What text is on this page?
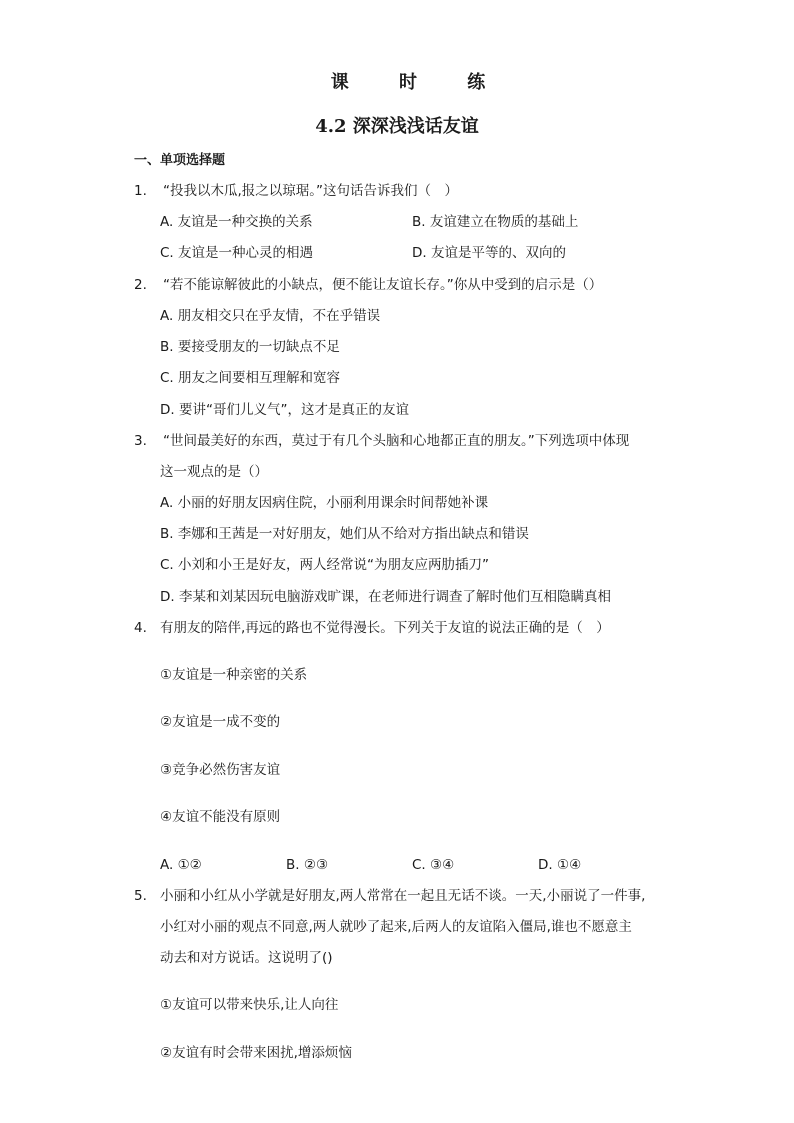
课 时 练
4.2 深深浅浅话友谊
一、单项选择题
1. “投我以木瓜,报之以琼琚。”这句话告诉我们（　）
A. 友谊是一种交换的关系	B. 友谊建立在物质的基础上
C. 友谊是一种心灵的相遇	D. 友谊是平等的、双向的
2. “若不能谅解彼此的小缺点，便不能让友谊长存。”你从中受到的启示是（）
A. 朋友相交只在乎友情，不在乎错误
B. 要接受朋友的一切缺点不足
C. 朋友之间要相互理解和宽容
D. 要讲“哥们儿义气”，这才是真正的友谊
3. “世间最美好的东西，莫过于有几个头脑和心地都正直的朋友。”下列选项中体现
这一观点的是（）
A. 小丽的好朋友因病住院，小丽利用课余时间帮她补课
B. 李娜和王茜是一对好朋友，她们从不给对方指出缺点和错误
C. 小刘和小王是好友，两人经常说“为朋友应两肋插刀”
D. 李某和刘某因玩电脑游戏旷课，在老师进行调查了解时他们互相隐瞒真相
4. 有朋友的陪伴,再远的路也不觉得漫长。下列关于友谊的说法正确的是（　）
①友谊是一种亲密的关系
②友谊是一成不变的
③竞争必然伤害友谊
④友谊不能没有原则
A. ①②	B. ②③	C. ③④	D. ①④
5. 小丽和小红从小学就是好朋友,两人常常在一起且无话不谈。一天,小丽说了一件事,
小红对小丽的观点不同意,两人就吵了起来,后两人的友谊陷入僵局,谁也不愿意主
动去和对方说话。这说明了()
①友谊可以带来快乐,让人向往
②友谊有时会带来困扰,增添烦恼
